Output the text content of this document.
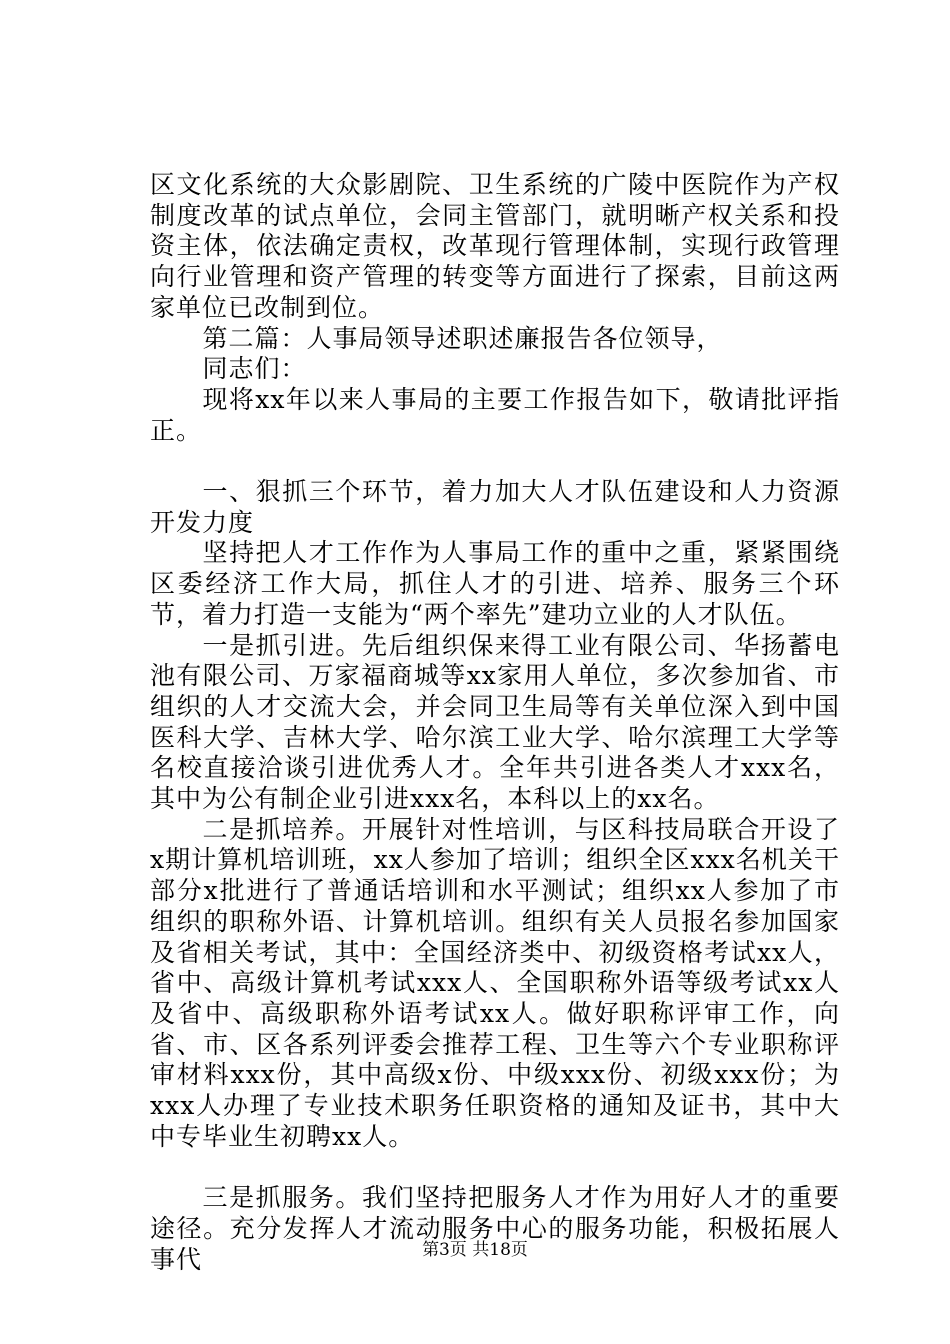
区文化系统的大众影剧院、卫生系统的广陵中医院作为产权制度改革的试点单位，会同主管部门，就明晰产权关系和投资主体，依法确定责权，改革现行管理体制，实现行政管理向行业管理和资产管理的转变等方面进行了探索，目前这两家单位已改制到位。

第二篇：人事局领导述职述廉报告各位领导，

同志们：

现将xx年以来人事局的主要工作报告如下，敬请批评指正。

一、狠抓三个环节，着力加大人才队伍建设和人力资源开发力度

坚持把人才工作作为人事局工作的重中之重，紧紧围绕区委经济工作大局，抓住人才的引进、培养、服务三个环节，着力打造一支能为“两个率先”建功立业的人才队伍。

一是抓引进。先后组织保来得工业有限公司、华扬蓄电池有限公司、万家福商城等xx家用人单位，多次参加省、市组织的人才交流大会，并会同卫生局等有关单位深入到中国医科大学、吉林大学、哈尔滨工业大学、哈尔滨理工大学等名校直接洽谈引进优秀人才。全年共引进各类人才xxx名，其中为公有制企业引进xxx名，本科以上的xx名。

二是抓培养。开展针对性培训，与区科技局联合开设了x期计算机培训班，xx人参加了培训；组织全区xxx名机关干部分x批进行了普通话培训和水平测试；组织xx人参加了市组织的职称外语、计算机培训。组织有关人员报名参加国家及省相关考试，其中：全国经济类中、初级资格考试xx人，省中、高级计算机考试xxx人、全国职称外语等级考试xx人及省中、高级职称外语考试xx人。做好职称评审工作，向省、市、区各系列评委会推荐工程、卫生等六个专业职称评审材料xxx份，其中高级x份、中级xxx份、初级xxx份；为xxx人办理了专业技术职务任职资格的通知及证书，其中大中专毕业生初聘xx人。

三是抓服务。我们坚持把服务人才作为用好人才的重要途径。充分发挥人才流动服务中心的服务功能，积极拓展人事代	第3页 共18页
